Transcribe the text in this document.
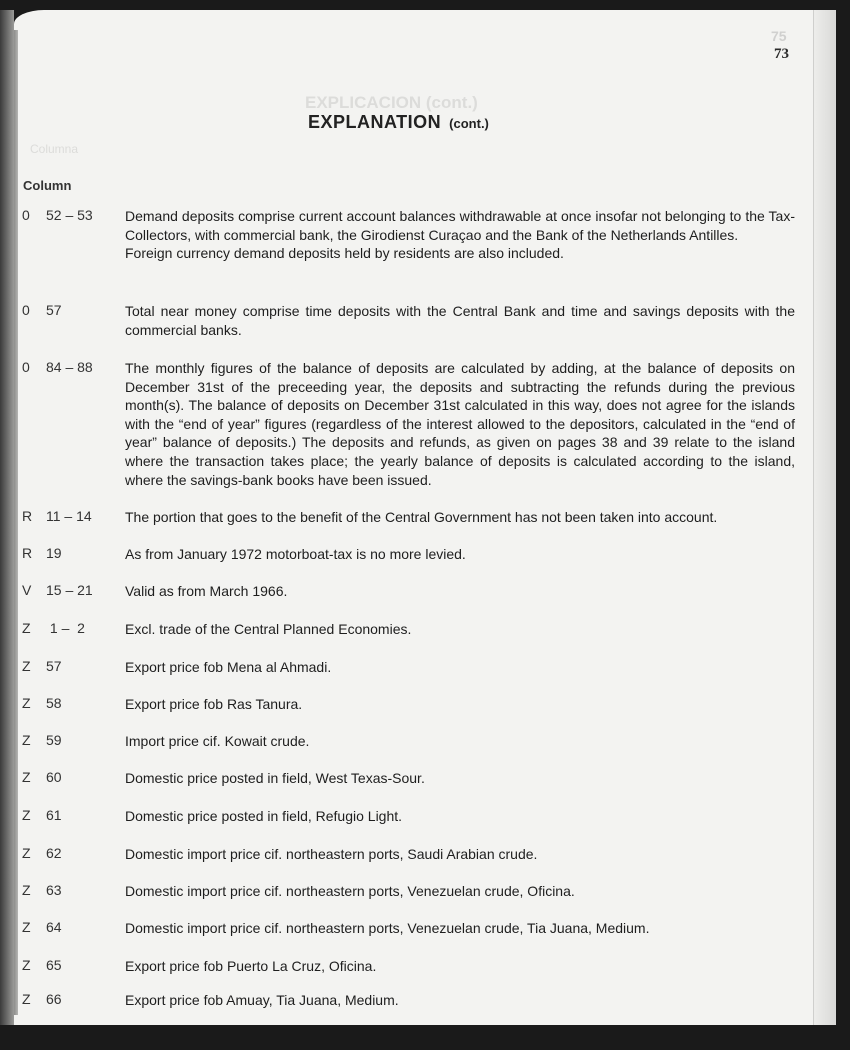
EXPLICACION (cont.)
Columna
75
73
EXPLANATION (cont.)
Column
0 52 – 53	Demand deposits comprise current account balances withdrawable at once insofar not belonging to the Tax-Collectors, with commercial bank, the Girodienst Curaçao and the Bank of the Netherlands Antilles.

Foreign currency demand deposits held by residents are also included.

0 57	Total near money comprise time deposits with the Central Bank and time and savings deposits with the commercial banks.

0 84 – 88	The monthly figures of the balance of deposits are calculated by adding, at the balance of deposits on December 31st of the preceeding year, the deposits and subtracting the refunds during the previous month(s). The balance of deposits on December 31st calculated in this way, does not agree for the islands with the “end of year” figures (regardless of the interest allowed to the depositors, calculated in the “end of year” balance of deposits.) The deposits and refunds, as given on pages 38 and 39 relate to the island where the transaction takes place; the yearly balance of deposits is calculated according to the island, where the savings-bank books have been issued.

R 11 – 14	The portion that goes to the benefit of the Central Government has not been taken into account.

R 19	As from January 1972 motorboat-tax is no more levied.

V 15 – 21	Valid as from March 1966.

Z 1 –  2	Excl. trade of the Central Planned Economies.

Z 57	Export price fob Mena al Ahmadi.

Z 58	Export price fob Ras Tanura.

Z 59	Import price cif. Kowait crude.

Z 60	Domestic price posted in field, West Texas-Sour.

Z 61	Domestic price posted in field, Refugio Light.

Z 62	Domestic import price cif. northeastern ports, Saudi Arabian crude.

Z 63	Domestic import price cif. northeastern ports, Venezuelan crude, Oficina.

Z 64	Domestic import price cif. northeastern ports, Venezuelan crude, Tia Juana, Medium.

Z 65	Export price fob Puerto La Cruz, Oficina.

Z 66	Export price fob Amuay, Tia Juana, Medium.
